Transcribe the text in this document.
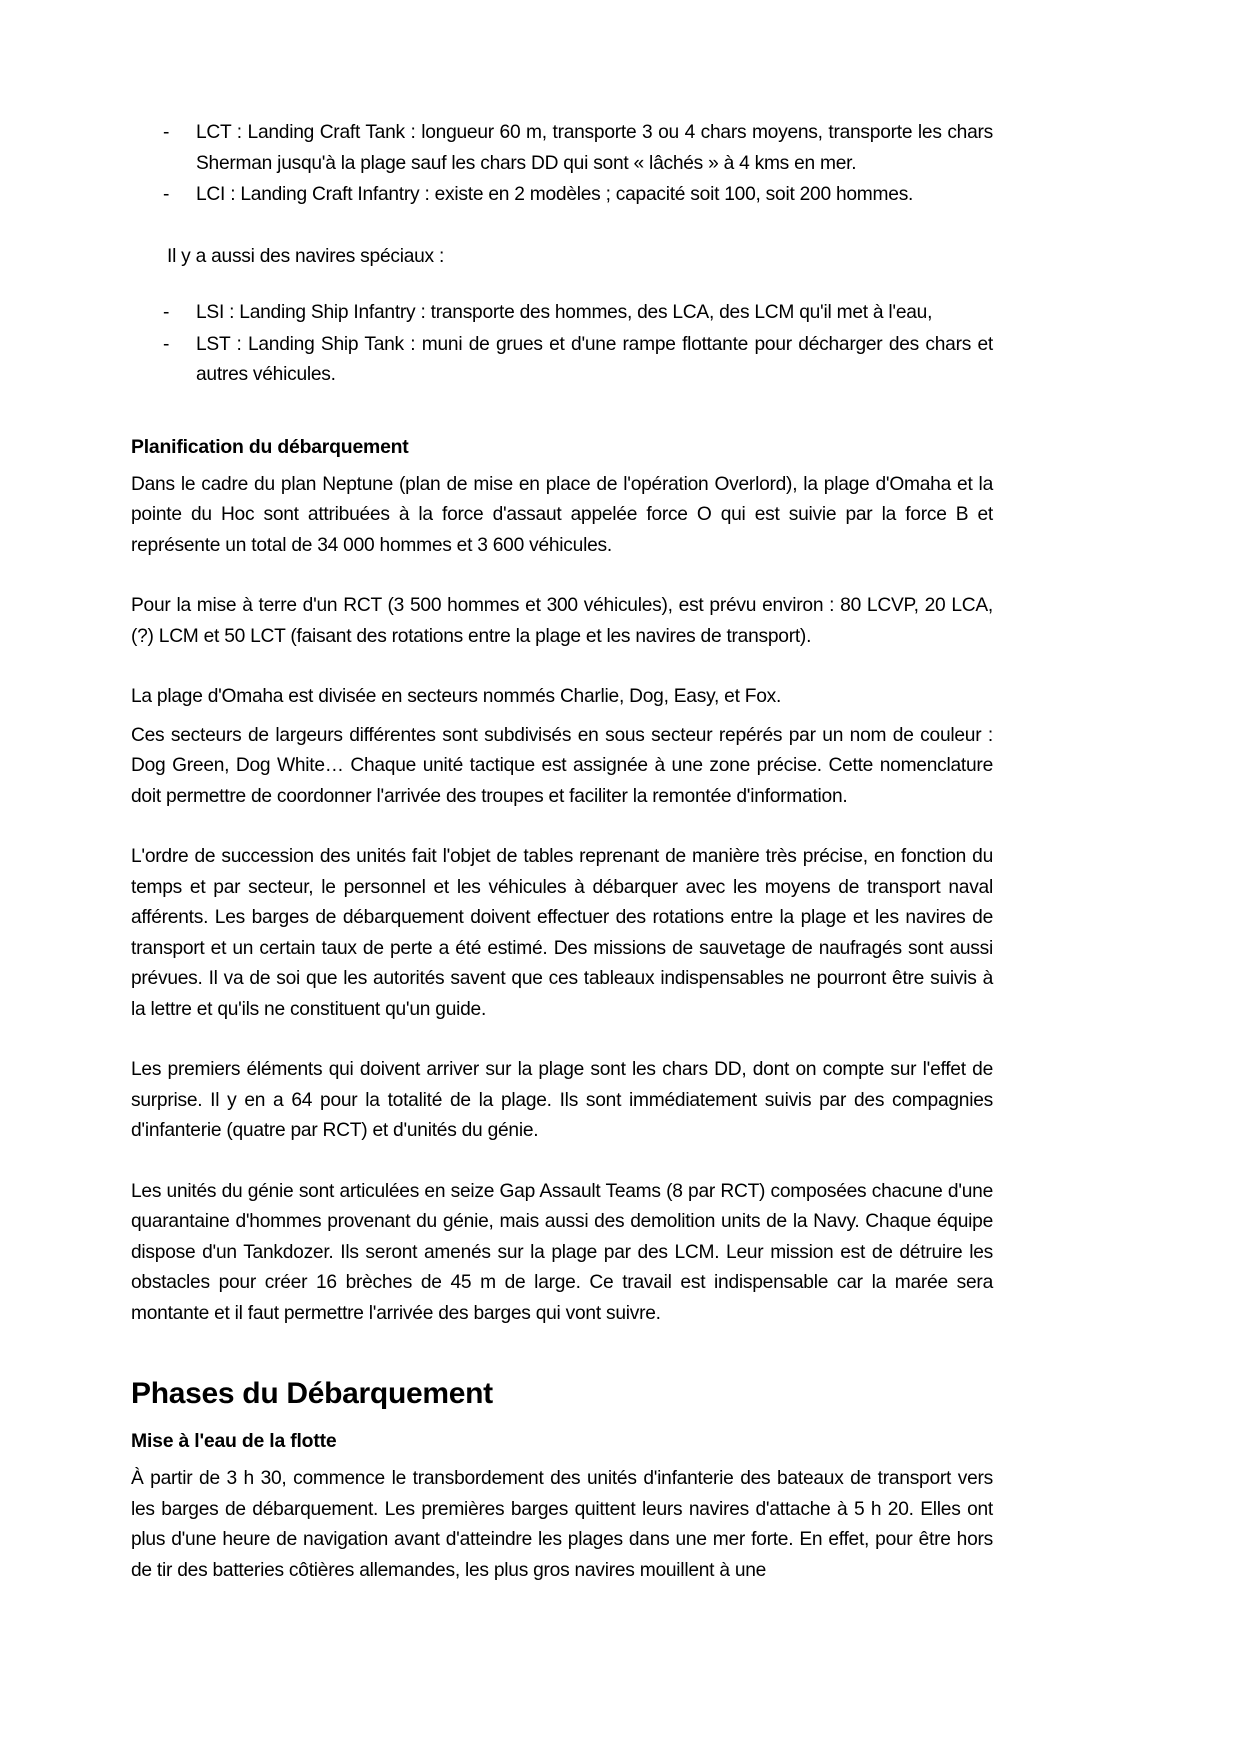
- LCT : Landing Craft Tank : longueur 60 m, transporte 3 ou 4 chars moyens, transporte les chars Sherman jusqu'à la plage sauf les chars DD qui sont « lâchés » à 4 kms en mer.
- LCI : Landing Craft Infantry : existe en 2 modèles ; capacité soit 100, soit 200 hommes.

Il y a aussi des navires spéciaux :

- LSI : Landing Ship Infantry : transporte des hommes, des LCA, des LCM qu'il met à l'eau,
- LST : Landing Ship Tank : muni de grues et d'une rampe flottante pour décharger des chars et autres véhicules.
Planification du débarquement

Dans le cadre du plan Neptune (plan de mise en place de l'opération Overlord), la plage d'Omaha et la pointe du Hoc sont attribuées à la force d'assaut appelée force O qui est suivie par la force B et représente un total de 34 000 hommes et 3 600 véhicules.

Pour la mise à terre d'un RCT (3 500 hommes et 300 véhicules), est prévu environ : 80 LCVP, 20 LCA, (?) LCM et 50 LCT (faisant des rotations entre la plage et les navires de transport).

La plage d'Omaha est divisée en secteurs nommés Charlie, Dog, Easy, et Fox.

Ces secteurs de largeurs différentes sont subdivisés en sous secteur repérés par un nom de couleur : Dog Green, Dog White… Chaque unité tactique est assignée à une zone précise. Cette nomenclature doit permettre de coordonner l'arrivée des troupes et faciliter la remontée d'information.

L'ordre de succession des unités fait l'objet de tables reprenant de manière très précise, en fonction du temps et par secteur, le personnel et les véhicules à débarquer avec les moyens de transport naval afférents. Les barges de débarquement doivent effectuer des rotations entre la plage et les navires de transport et un certain taux de perte a été estimé. Des missions de sauvetage de naufragés sont aussi prévues. Il va de soi que les autorités savent que ces tableaux indispensables ne pourront être suivis à la lettre et qu'ils ne constituent qu'un guide.

Les premiers éléments qui doivent arriver sur la plage sont les chars DD, dont on compte sur l'effet de surprise. Il y en a 64 pour la totalité de la plage. Ils sont immédiatement suivis par des compagnies d'infanterie (quatre par RCT) et d'unités du génie.

Les unités du génie sont articulées en seize Gap Assault Teams (8 par RCT) composées chacune d'une quarantaine d'hommes provenant du génie, mais aussi des demolition units de la Navy. Chaque équipe dispose d'un Tankdozer. Ils seront amenés sur la plage par des LCM. Leur mission est de détruire les obstacles pour créer 16 brèches de 45 m de large. Ce travail est indispensable car la marée sera montante et il faut permettre l'arrivée des barges qui vont suivre.

Phases du Débarquement
Mise à l'eau de la flotte

À partir de 3 h 30, commence le transbordement des unités d'infanterie des bateaux de transport vers les barges de débarquement. Les premières barges quittent leurs navires d'attache à 5 h 20. Elles ont plus d'une heure de navigation avant d'atteindre les plages dans une mer forte. En effet, pour être hors de tir des batteries côtières allemandes, les plus gros navires mouillent à une
